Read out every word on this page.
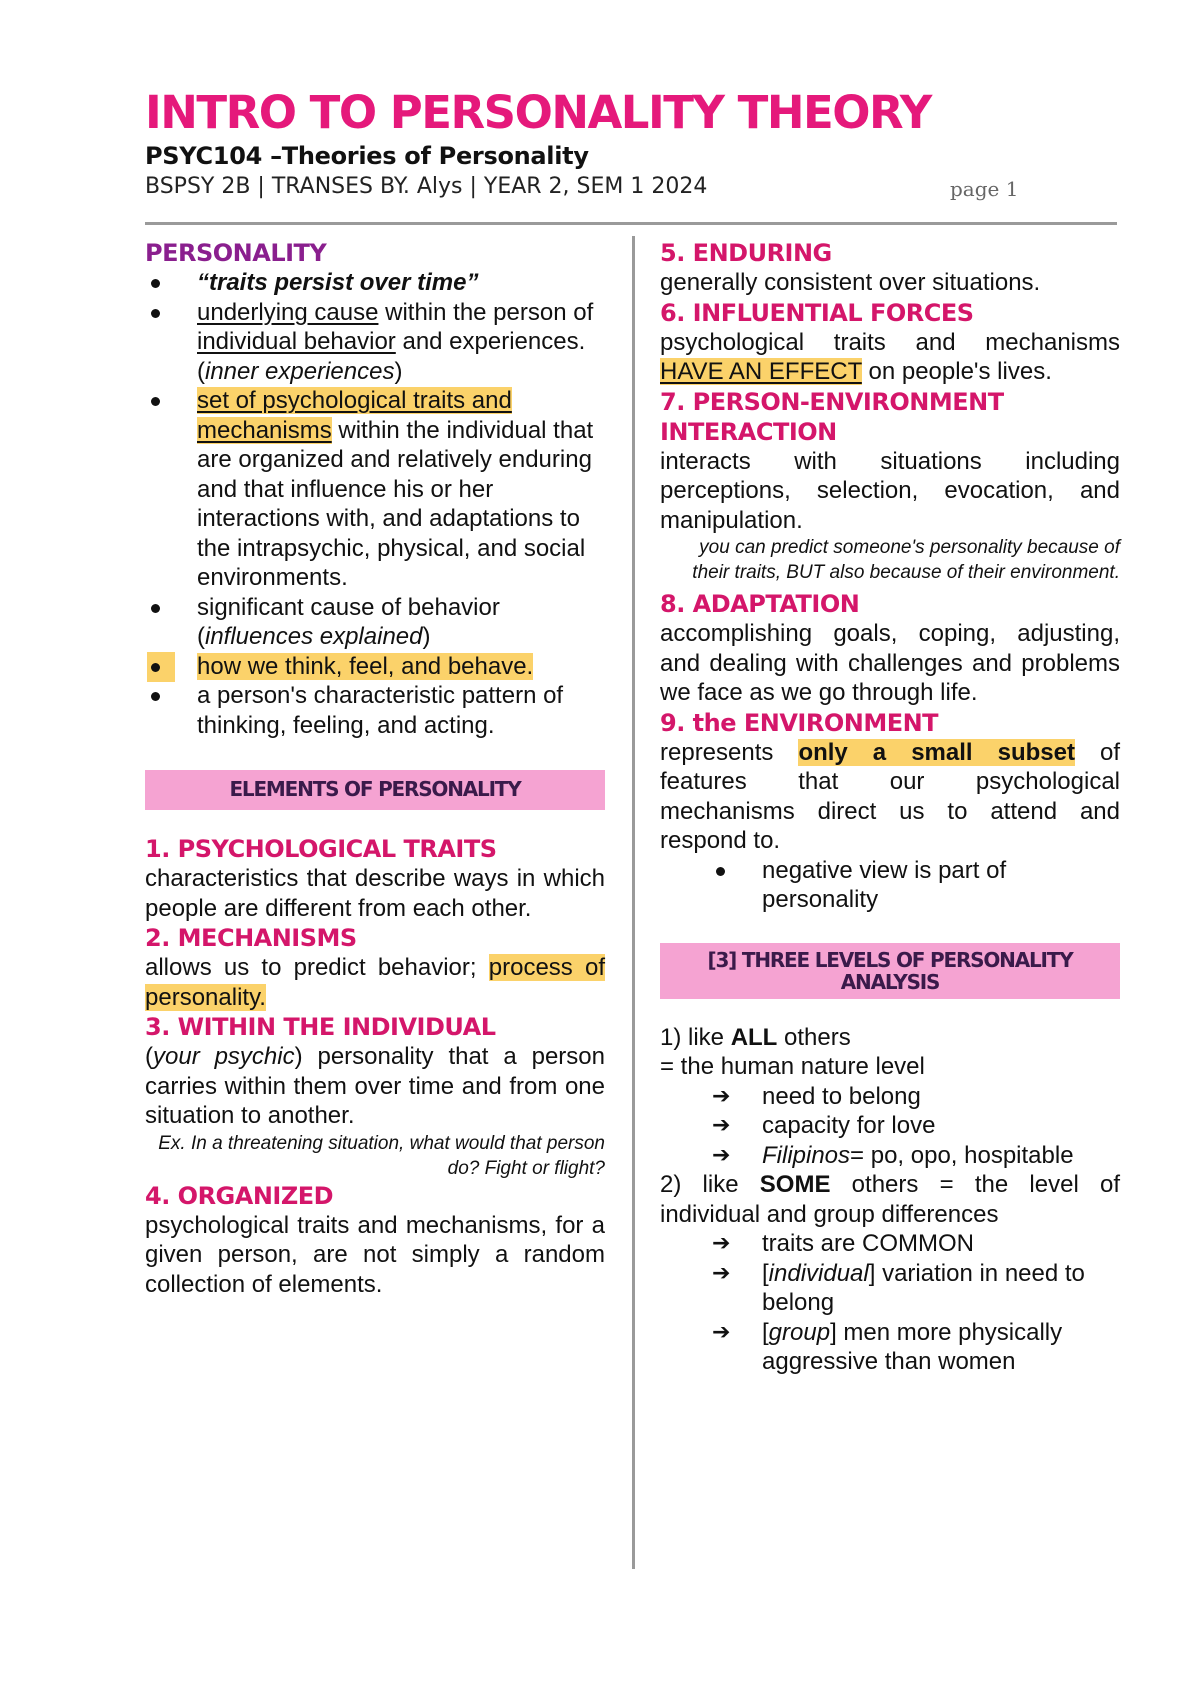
INTRO TO PERSONALITY THEORY
PSYC104 –Theories of Personality
BSPSY 2B | TRANSES BY. Alys | YEAR 2, SEM 1 2024	page 1
PERSONALITY
“traits persist over time”
underlying cause within the person of individual behavior and experiences. (inner experiences)
set of psychological traits and mechanisms within the individual that are organized and relatively enduring and that influence his or her interactions with, and adaptations to the intrapsychic, physical, and social environments.
significant cause of behavior (influences explained)
how we think, feel, and behave.
a person's characteristic pattern of thinking, feeling, and acting.
ELEMENTS OF PERSONALITY
1. PSYCHOLOGICAL TRAITS
characteristics that describe ways in which people are different from each other.
2. MECHANISMS
allows us to predict behavior; process of personality.
3. WITHIN THE INDIVIDUAL
(your psychic) personality that a person carries within them over time and from one situation to another.
Ex. In a threatening situation, what would that person do? Fight or flight?
4. ORGANIZED
psychological traits and mechanisms, for a given person, are not simply a random collection of elements.
5. ENDURING
generally consistent over situations.
6. INFLUENTIAL FORCES
psychological traits and mechanisms HAVE AN EFFECT on people's lives.
7. PERSON-ENVIRONMENT INTERACTION
interacts with situations including perceptions, selection, evocation, and manipulation.
you can predict someone's personality because of their traits, BUT also because of their environment.
8. ADAPTATION
accomplishing goals, coping, adjusting, and dealing with challenges and problems we face as we go through life.
9. the ENVIRONMENT
represents only a small subset of features that our psychological mechanisms direct us to attend and respond to.
negative view is part of personality
[3] THREE LEVELS OF PERSONALITY ANALYSIS
1) like ALL others
= the human nature level
➔ need to belong
➔ capacity for love
➔ Filipinos= po, opo, hospitable
2) like SOME others = the level of individual and group differences
➔ traits are COMMON
➔ [individual] variation in need to belong
➔ [group] men more physically aggressive than women
